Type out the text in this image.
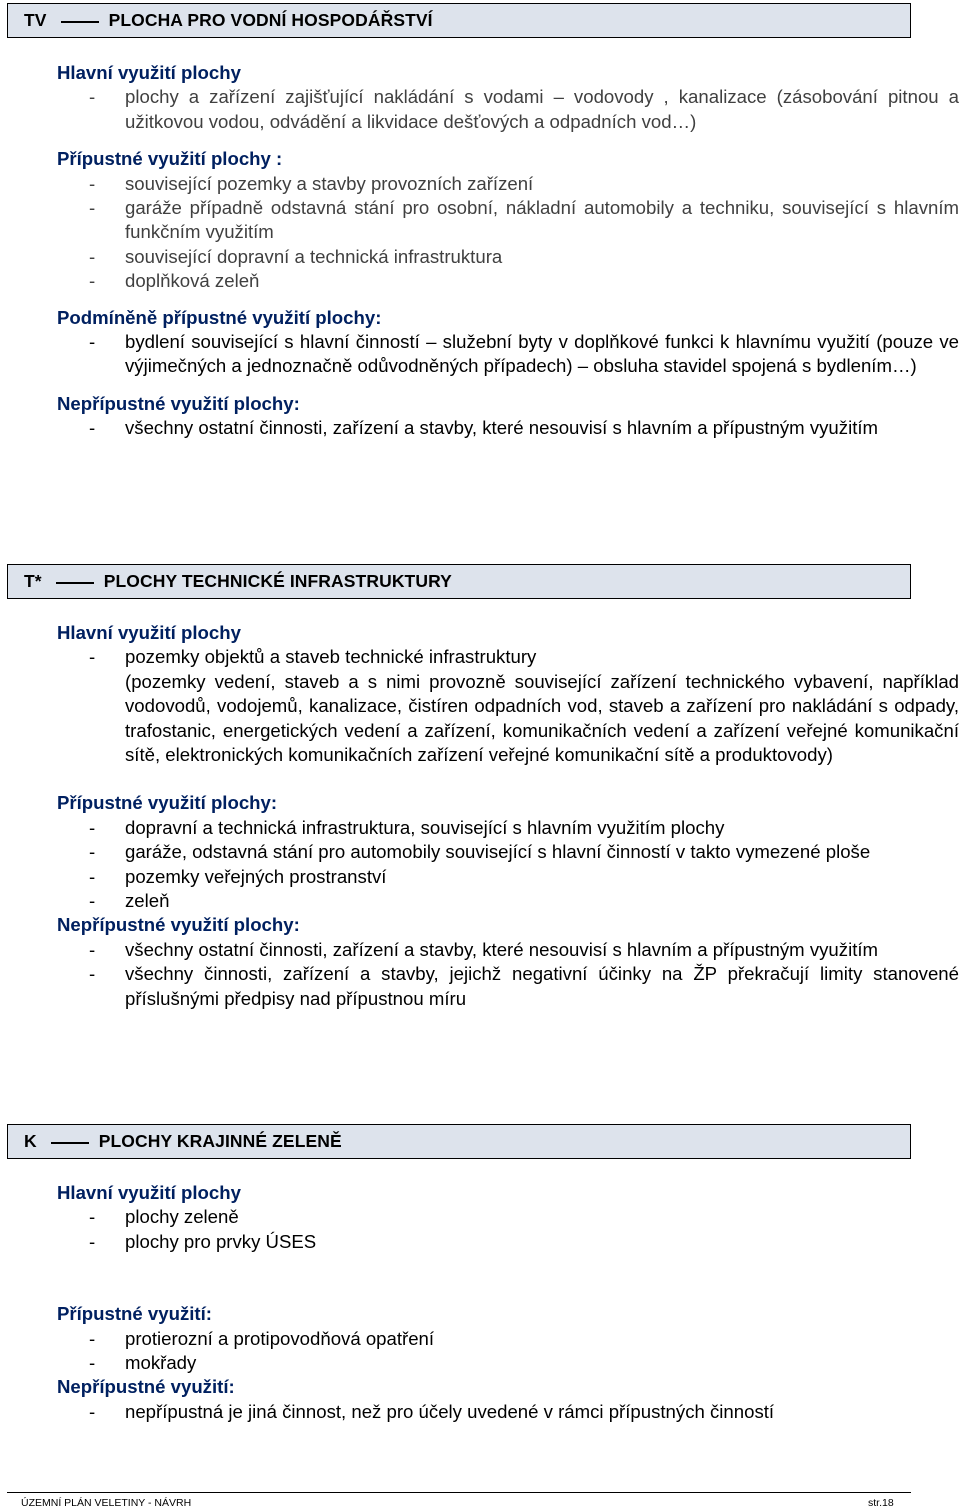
TV	PLOCHA PRO VODNÍ HOSPODÁŘSTVÍ
Hlavní využití plochy
-	plochy a zařízení zajišťující nakládání s vodami – vodovody , kanalizace (zásobování pitnou a užitkovou vodou, odvádění a likvidace dešťových a odpadních vod…)
Přípustné využití plochy :
-	související pozemky a stavby provozních zařízení
-	garáže případně odstavná stání pro osobní, nákladní automobily a techniku, související s hlavním funkčním využitím
-	související dopravní a technická infrastruktura
-	doplňková zeleň
Podmíněně přípustné využití plochy:
-	bydlení související s hlavní činností – služební byty v doplňkové funkci k hlavnímu využití (pouze ve výjimečných a jednoznačně odůvodněných případech) – obsluha stavidel spojená s bydlením…)
Nepřípustné využití plochy:
-	všechny ostatní činnosti, zařízení a stavby, které nesouvisí s hlavním a přípustným využitím
T*	PLOCHY TECHNICKÉ INFRASTRUKTURY
Hlavní využití plochy
-	pozemky objektů a staveb technické infrastruktury
(pozemky vedení, staveb a s nimi provozně související zařízení technického vybavení, například vodovodů, vodojemů, kanalizace, čistíren odpadních vod, staveb a zařízení pro nakládání s odpady, trafostanic, energetických vedení a zařízení, komunikačních vedení a zařízení veřejné komunikační sítě, elektronických komunikačních zařízení veřejné komunikační sítě a produktovody)
Přípustné využití plochy:
-	dopravní a technická infrastruktura, související s hlavním využitím plochy
-	garáže, odstavná stání pro automobily související s hlavní činností v takto vymezené ploše
-	pozemky veřejných prostranství
-	zeleň
Nepřípustné využití plochy:
-	všechny ostatní činnosti, zařízení a stavby, které nesouvisí s hlavním a přípustným využitím
-	všechny činnosti, zařízení a stavby, jejichž negativní účinky na ŽP překračují limity stanovené příslušnými předpisy nad přípustnou míru
K	PLOCHY KRAJINNÉ ZELENĚ
Hlavní využití plochy
-	plochy zeleně
-	plochy pro prvky ÚSES
Přípustné využití:
-	protierozní a protipovodňová opatření
-	mokřady
Nepřípustné využití:
-	nepřípustná je jiná činnost, než pro účely uvedené v rámci přípustných činností
ÚZEMNÍ PLÁN VELETINY - NÁVRH	str.18
